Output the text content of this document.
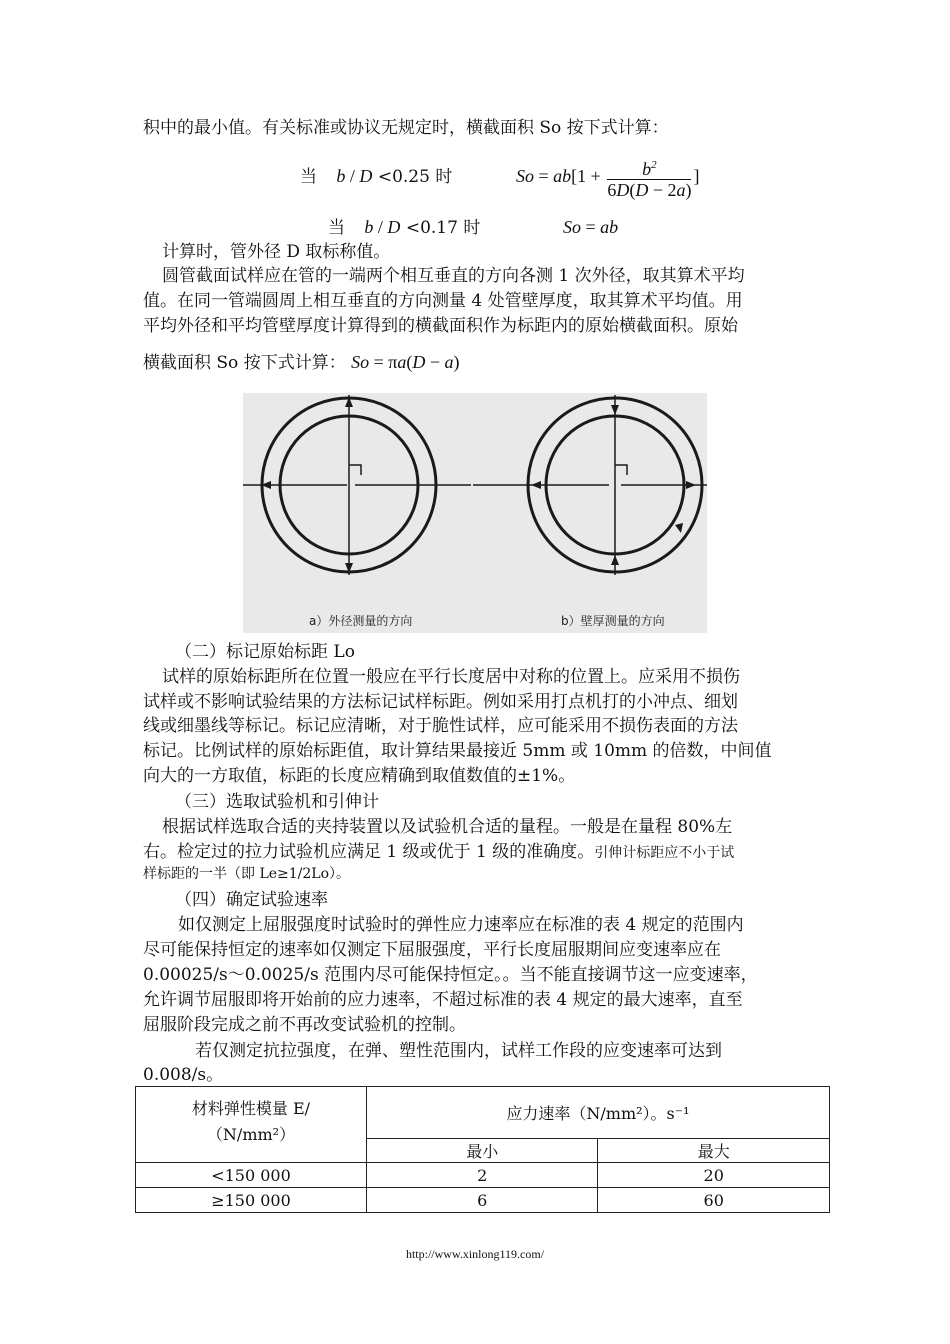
积中的最小值。有关标准或协议无规定时，横截面积 So 按下式计算：
当 b / D <0.25 时	$So = ab[1 + \frac{b^2}{6D(D - 2a)}$ ]
当 b / D <0.17 时	So = ab
计算时，管外径 D 取标称值。
圆管截面试样应在管的一端两个相互垂直的方向各测 1 次外径，取其算术平均
值。在同一管端圆周上相互垂直的方向测量 4 处管壁厚度，取其算术平均值。用
平均外径和平均管壁厚度计算得到的横截面积作为标距内的原始横截面积。原始
横截面积 So 按下式计算： So = πa(D − a)
a）外径测量的方向	b）壁厚测量的方向
（二）标记原始标距 Lo
试样的原始标距所在位置一般应在平行长度居中对称的位置上。应采用不损伤
试样或不影响试验结果的方法标记试样标距。例如采用打点机打的小冲点、细划
线或细墨线等标记。标记应清晰，对于脆性试样，应可能采用不损伤表面的方法
标记。比例试样的原始标距值，取计算结果最接近 5mm 或 10mm 的倍数，中间值
向大的一方取值，标距的长度应精确到取值数值的±1%。
（三）选取试验机和引伸计
根据试样选取合适的夹持装置以及试验机合适的量程。一般是在量程 80%左
右。检定过的拉力试验机应满足 1 级或优于 1 级的准确度。引伸计标距应不小于试
样标距的一半（即 Le≥1/2Lo）。
（四）确定试验速率
如仅测定上屈服强度时试验时的弹性应力速率应在标准的表 4 规定的范围内
尽可能保持恒定的速率如仅测定下屈服强度，平行长度屈服期间应变速率应在
0.00025/s～0.0025/s 范围内尽可能保持恒定。。当不能直接调节这一应变速率，
允许调节屈服即将开始前的应力速率，不超过标准的表 4 规定的最大速率，直至
屈服阶段完成之前不再改变试验机的控制。
若仅测定抗拉强度，在弹、塑性范围内，试样工作段的应变速率可达到
0.008/s。
材料弹性模量 E/
（N/mm²）	应力速率（N/mm²）。s⁻¹	
	最小	最大
<150 000	2	20
≥150 000	6	60
http://www.xinlong119.com/
